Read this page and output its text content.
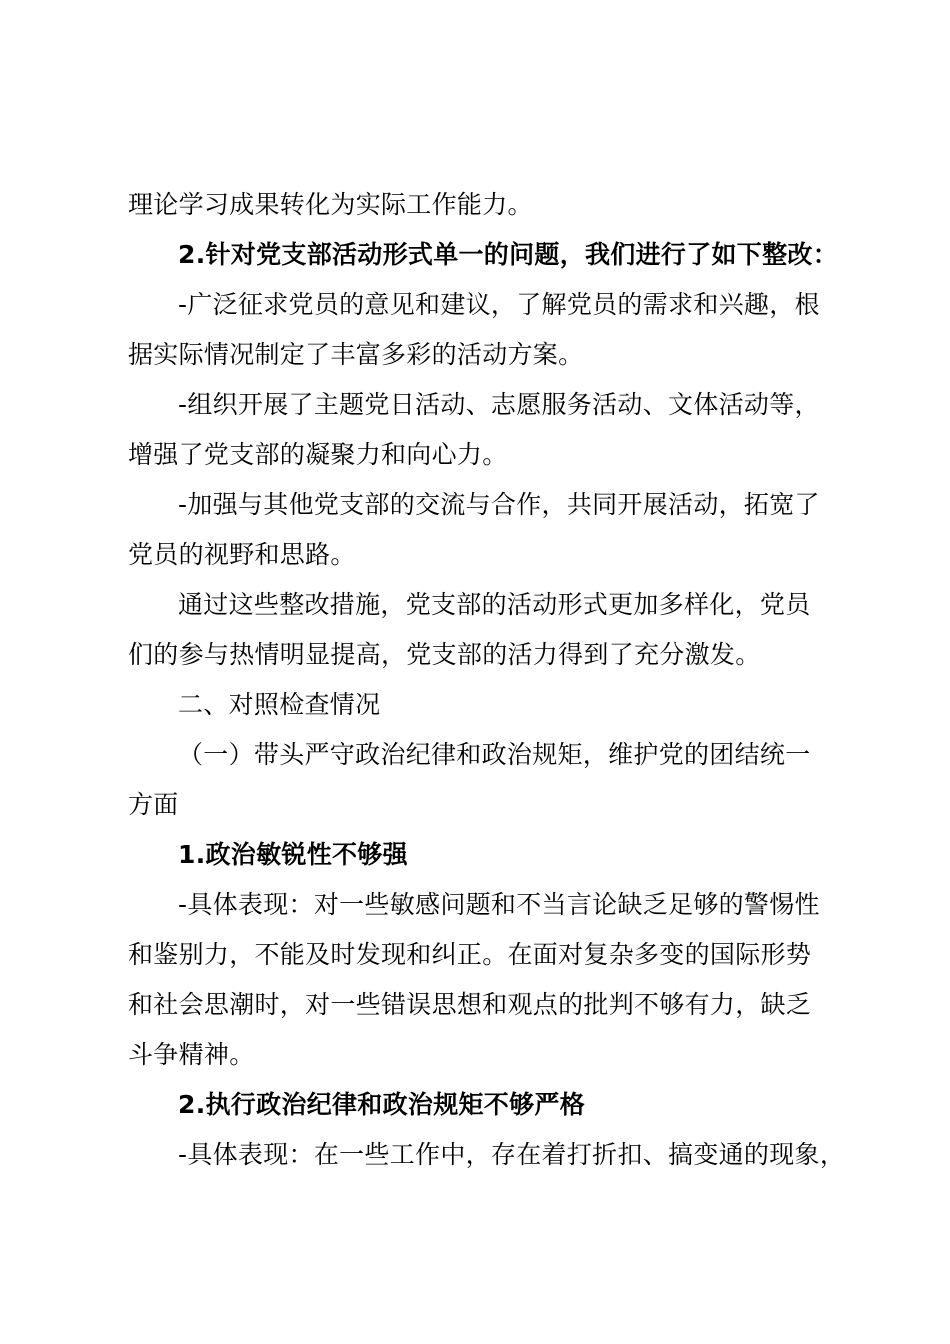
理论学习成果转化为实际工作能力。
2.针对党支部活动形式单一的问题，我们进行了如下整改：
-广泛征求党员的意见和建议，了解党员的需求和兴趣，根
据实际情况制定了丰富多彩的活动方案。
-组织开展了主题党日活动、志愿服务活动、文体活动等，
增强了党支部的凝聚力和向心力。
-加强与其他党支部的交流与合作，共同开展活动，拓宽了
党员的视野和思路。
通过这些整改措施，党支部的活动形式更加多样化，党员
们的参与热情明显提高，党支部的活力得到了充分激发。
二、对照检查情况
（一）带头严守政治纪律和政治规矩，维护党的团结统一
方面
1.政治敏锐性不够强
-具体表现：对一些敏感问题和不当言论缺乏足够的警惕性
和鉴别力，不能及时发现和纠正。在面对复杂多变的国际形势
和社会思潮时，对一些错误思想和观点的批判不够有力，缺乏
斗争精神。
2.执行政治纪律和政治规矩不够严格
-具体表现：在一些工作中，存在着打折扣、搞变通的现象，
